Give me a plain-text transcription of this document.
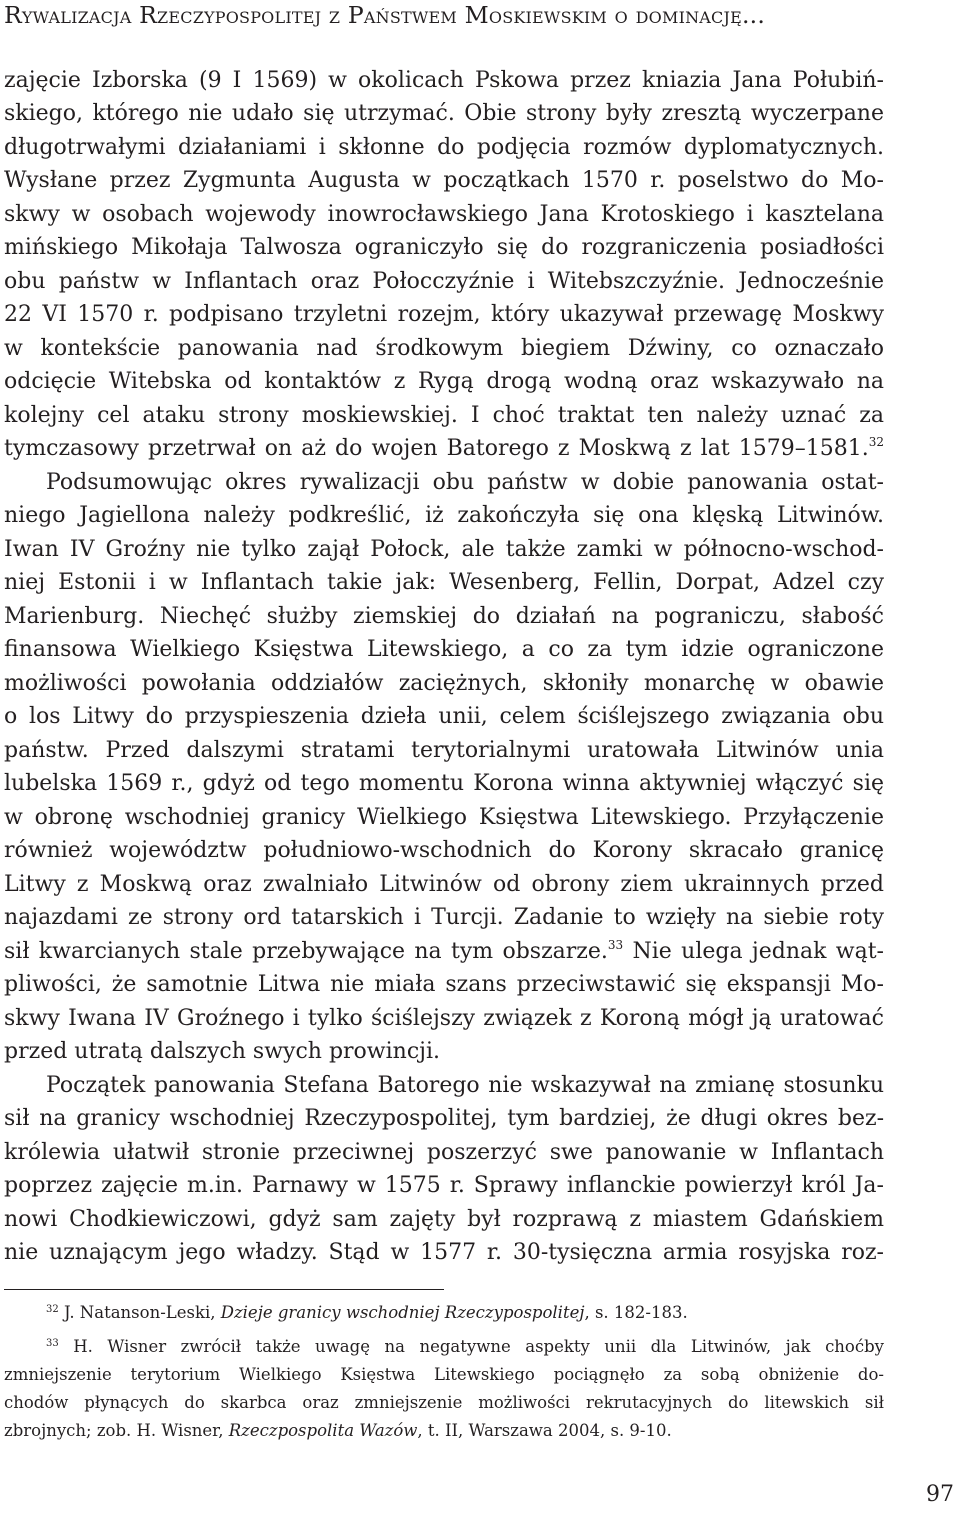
Rywalizacja Rzeczypospolitej z Państwem Moskiewskim o dominację...
zajęcie Izborska (9 I 1569) w okolicach Pskowa przez kniazia Jana Połubiń-
skiego, którego nie udało się utrzymać. Obie strony były zresztą wyczerpane
długotrwałymi działaniami i skłonne do podjęcia rozmów dyplomatycznych.
Wysłane przez Zygmunta Augusta w początkach 1570 r. poselstwo do Mo-
skwy w osobach wojewody inowrocławskiego Jana Krotoskiego i kasztelana
mińskiego Mikołaja Talwosza ograniczyło się do rozgraniczenia posiadłości
obu państw w Inflantach oraz Połocczyźnie i Witebszczyźnie. Jednocześnie
22 VI 1570 r. podpisano trzyletni rozejm, który ukazywał przewagę Moskwy
w kontekście panowania nad środkowym biegiem Dźwiny, co oznaczało
odcięcie Witebska od kontaktów z Rygą drogą wodną oraz wskazywało na
kolejny cel ataku strony moskiewskiej. I choć traktat ten należy uznać za
tymczasowy przetrwał on aż do wojen Batorego z Moskwą z lat 1579–1581.32
Podsumowując okres rywalizacji obu państw w dobie panowania ostat-
niego Jagiellona należy podkreślić, iż zakończyła się ona klęską Litwinów.
Iwan IV Groźny nie tylko zajął Połock, ale także zamki w północno-wschod-
niej Estonii i w Inflantach takie jak: Wesenberg, Fellin, Dorpat, Adzel czy
Marienburg. Niechęć służby ziemskiej do działań na pograniczu, słabość
finansowa Wielkiego Księstwa Litewskiego, a co za tym idzie ograniczone
możliwości powołania oddziałów zaciężnych, skłoniły monarchę w obawie
o los Litwy do przyspieszenia dzieła unii, celem ściślejszego związania obu
państw. Przed dalszymi stratami terytorialnymi uratowała Litwinów unia
lubelska 1569 r., gdyż od tego momentu Korona winna aktywniej włączyć się
w obronę wschodniej granicy Wielkiego Księstwa Litewskiego. Przyłączenie
również województw południowo-wschodnich do Korony skracało granicę
Litwy z Moskwą oraz zwalniało Litwinów od obrony ziem ukrainnych przed
najazdami ze strony ord tatarskich i Turcji. Zadanie to wzięły na siebie roty
sił kwarcianych stale przebywające na tym obszarze.$^{33}$ Nie ulega jednak wąt-
pliwości, że samotnie Litwa nie miała szans przeciwstawić się ekspansji Mo-
skwy Iwana IV Groźnego i tylko ściślejszy związek z Koroną mógł ją uratować
przed utratą dalszych swych prowincji.
Początek panowania Stefana Batorego nie wskazywał na zmianę stosunku
sił na granicy wschodniej Rzeczypospolitej, tym bardziej, że długi okres bez-
królewia ułatwił stronie przeciwnej poszerzyć swe panowanie w Inflantach
poprzez zajęcie m.in. Parnawy w 1575 r. Sprawy inflanckie powierzył król Ja-
nowi Chodkiewiczowi, gdyż sam zajęty był rozprawą z miastem Gdańskiem
nie uznającym jego władzy. Stąd w 1577 r. 30-tysięczna armia rosyjska roz-
$^{32}$ J. Natanson-Leski, Dzieje granicy wschodniej Rzeczypospolitej, s. 182-183.
$^{33}$ H. Wisner zwrócił także uwagę na negatywne aspekty unii dla Litwinów, jak choćby
zmniejszenie terytorium Wielkiego Księstwa Litewskiego pociągnęło za sobą obniżenie do-
chodów płynących do skarbca oraz zmniejszenie możliwości rekrutacyjnych do litewskich sił
zbrojnych; zob. H. Wisner, Rzeczpospolita Wazów, t. II, Warszawa 2004, s. 9-10.
97
